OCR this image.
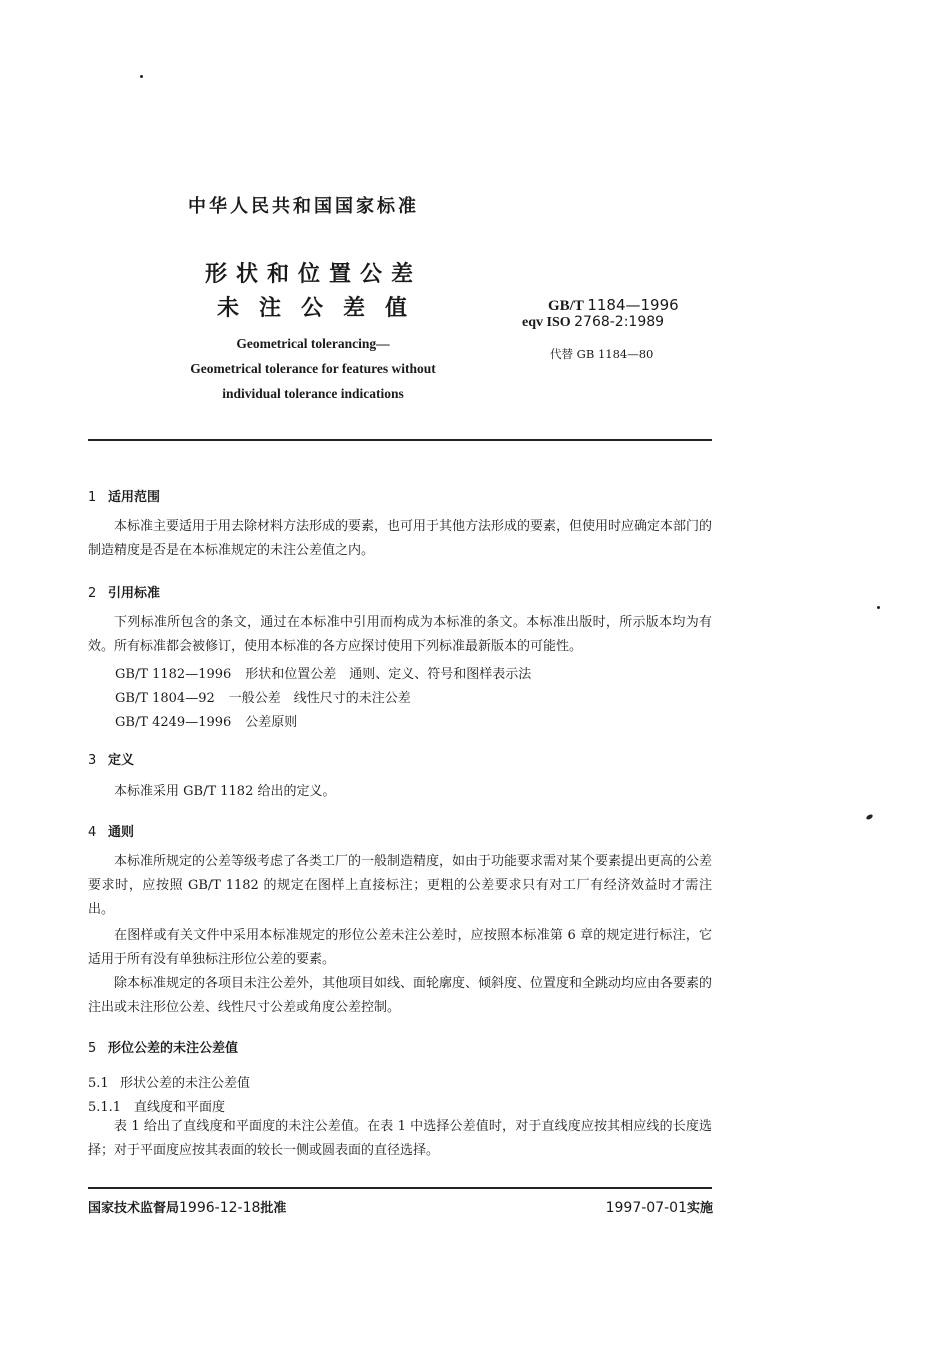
中华人民共和国国家标准
形状和位置公差
未注公差值
Geometrical tolerancing—
Geometrical tolerance for features without
individual tolerance indications
GB/T 1184—1996
eqv ISO 2768-2:1989
代替 GB 1184—80
1 适用范围
本标准主要适用于用去除材料方法形成的要素，也可用于其他方法形成的要素，但使用时应确定本部门的制造精度是否是在本标准规定的未注公差值之内。
2 引用标准
下列标准所包含的条文，通过在本标准中引用而构成为本标准的条文。本标准出版时，所示版本均为有效。所有标准都会被修订，使用本标准的各方应探讨使用下列标准最新版本的可能性。
GB/T 1182—1996 形状和位置公差　通则、定义、符号和图样表示法
GB/T 1804—92 一般公差　线性尺寸的未注公差
GB/T 4249—1996 公差原则
3 定义
本标准采用 GB/T 1182 给出的定义。
4 通则
本标准所规定的公差等级考虑了各类工厂的一般制造精度，如由于功能要求需对某个要素提出更高的公差要求时，应按照 GB/T 1182 的规定在图样上直接标注；更粗的公差要求只有对工厂有经济效益时才需注出。
在图样或有关文件中采用本标准规定的形位公差未注公差时，应按照本标准第 6 章的规定进行标注，它适用于所有没有单独标注形位公差的要素。
除本标准规定的各项目未注公差外，其他项目如线、面轮廓度、倾斜度、位置度和全跳动均应由各要素的注出或未注形位公差、线性尺寸公差或角度公差控制。
5 形位公差的未注公差值
5.1 形状公差的未注公差值
5.1.1 直线度和平面度
表 1 给出了直线度和平面度的未注公差值。在表 1 中选择公差值时，对于直线度应按其相应线的长度选择；对于平面度应按其表面的较长一侧或圆表面的直径选择。
国家技术监督局1996-12-18批准	1997-07-01实施
